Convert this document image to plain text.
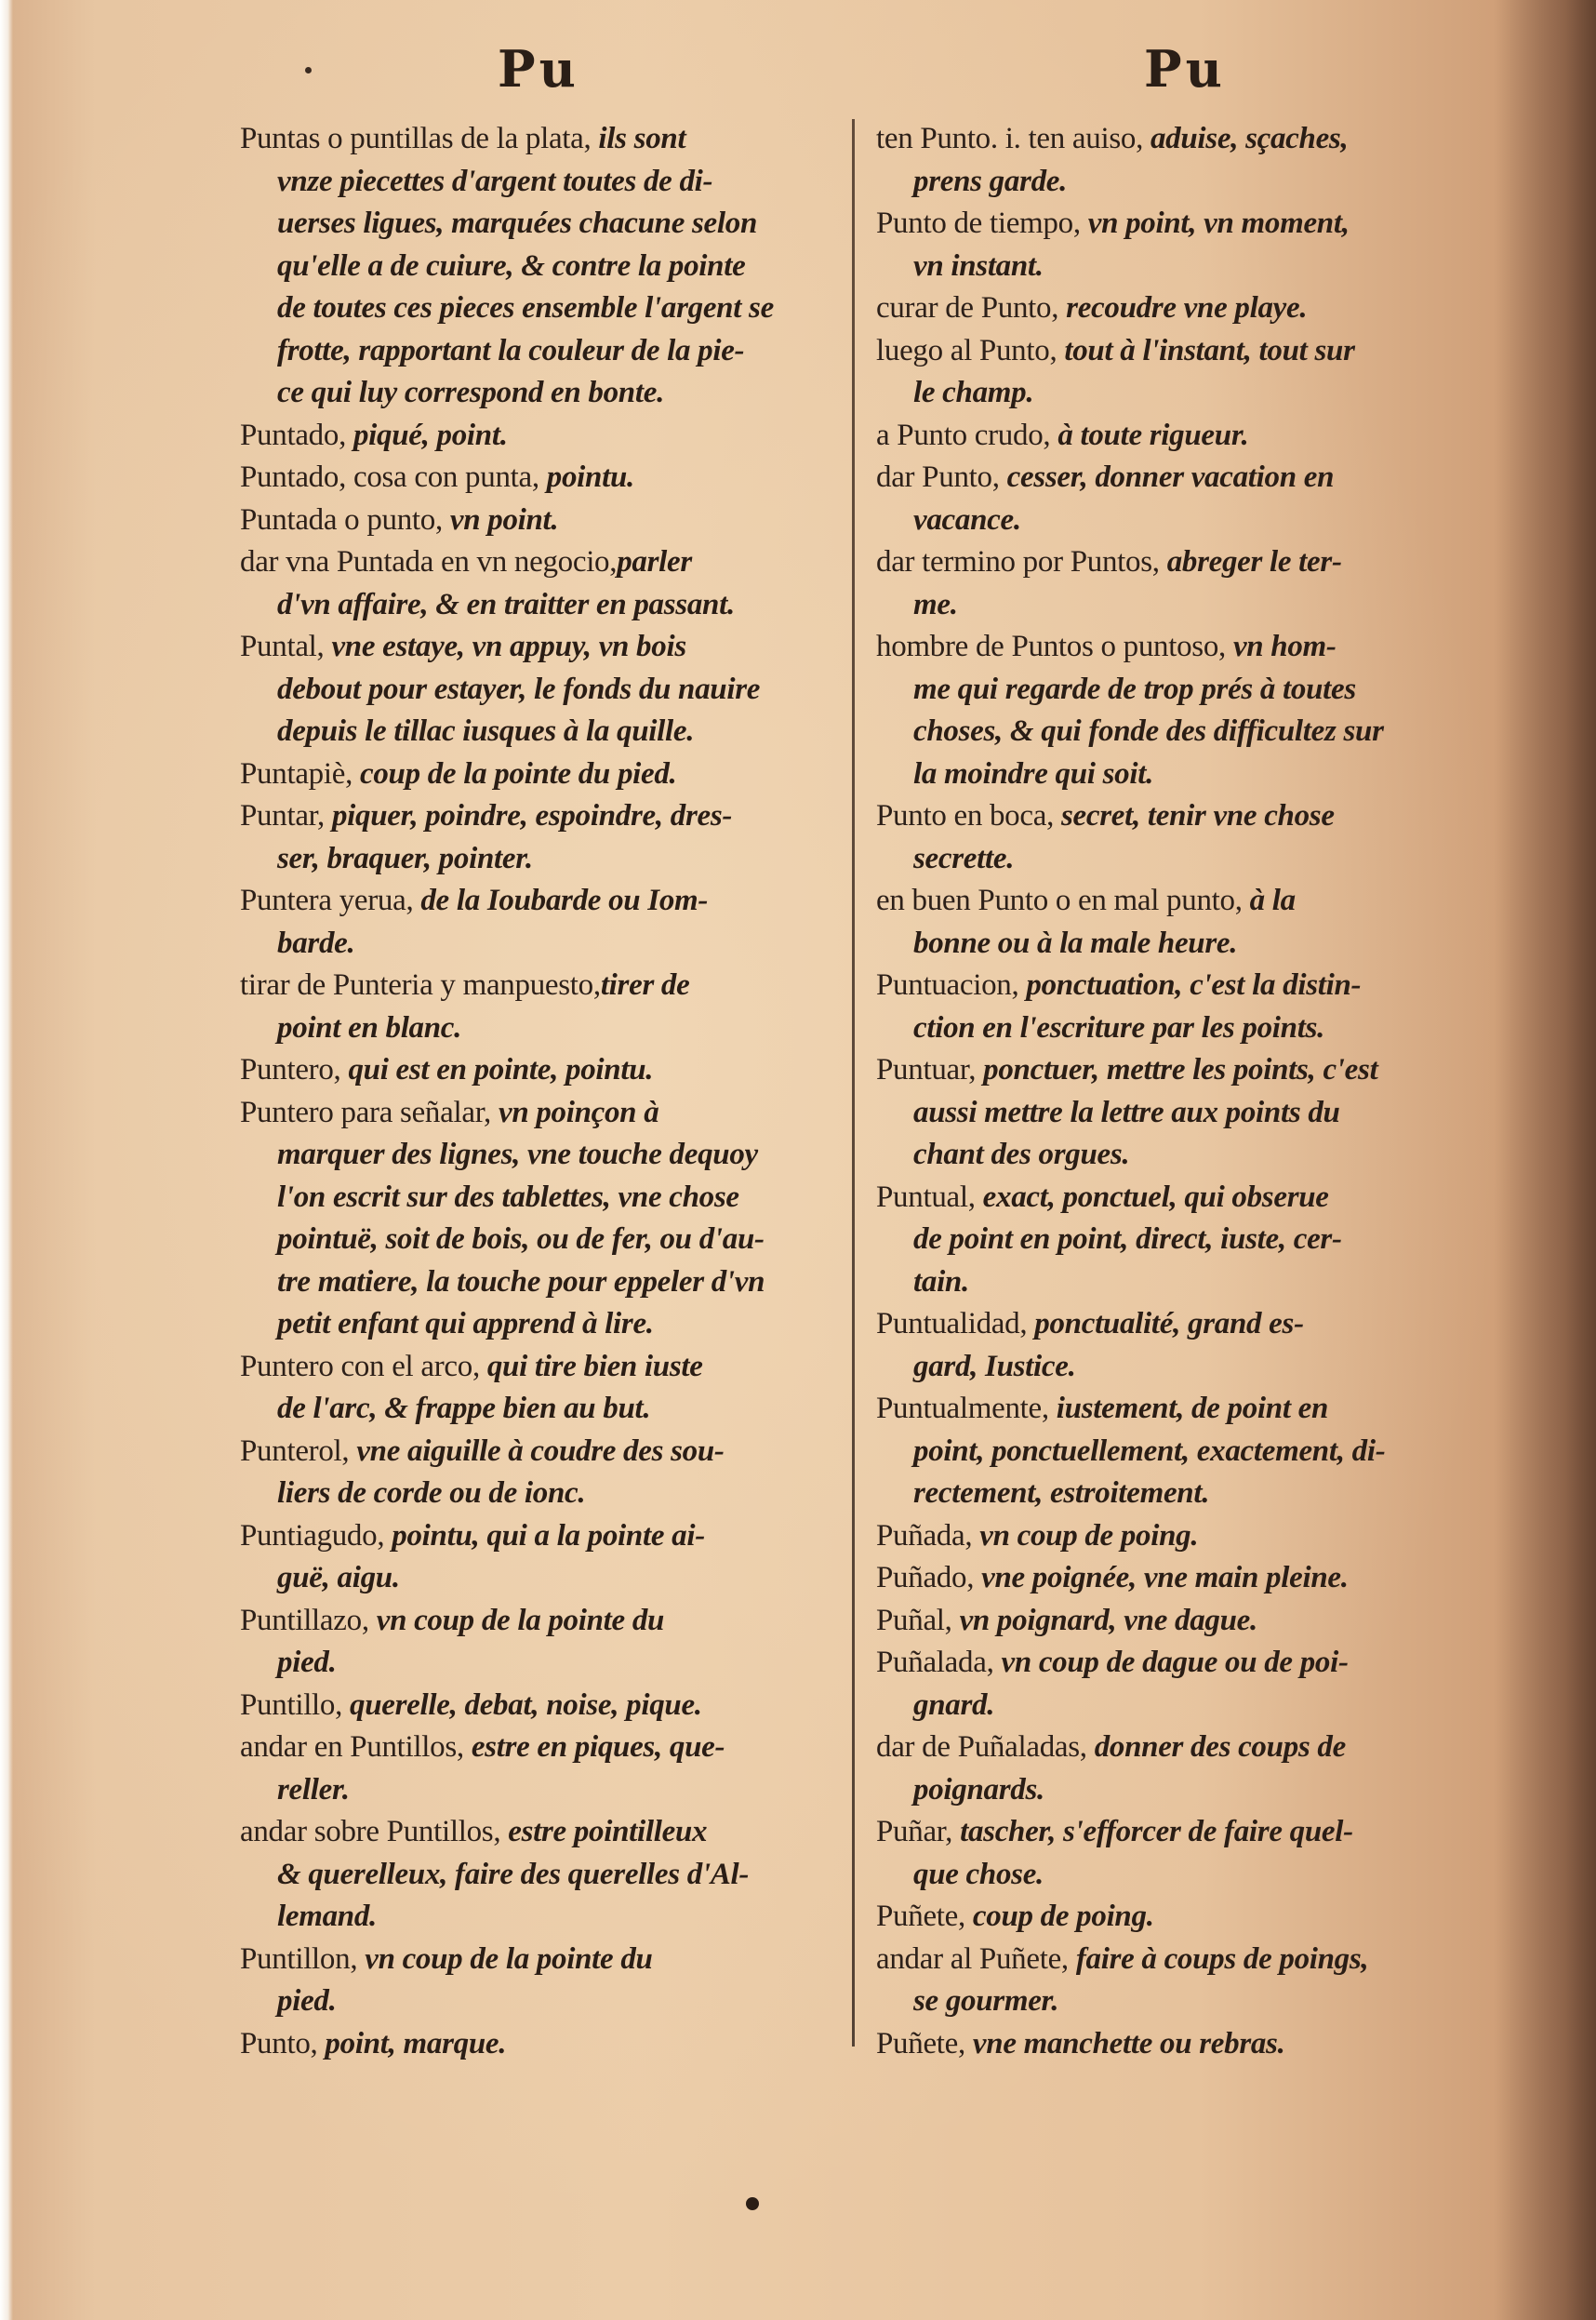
Pu	Pu
Puntas o puntillas de la plata, ils sont
vnze piecettes d'argent toutes de di-
uerses ligues, marquées chacune selon
qu'elle a de cuiure, & contre la pointe
de toutes ces pieces ensemble l'argent se
frotte, rapportant la couleur de la pie-
ce qui luy correspond en bonte.
Puntado, piqué, point.
Puntado, cosa con punta, pointu.
Puntada o punto, vn point.
dar vna Puntada en vn negocio,parler
d'vn affaire, & en traitter en passant.
Puntal, vne estaye, vn appuy, vn bois
debout pour estayer, le fonds du nauire
depuis le tillac iusques à la quille.
Puntapiè, coup de la pointe du pied.
Puntar, piquer, poindre, espoindre, dres-
ser, braquer, pointer.
Puntera yerua, de la Ioubarde ou Iom-
barde.
tirar de Punteria y manpuesto,tirer de
point en blanc.
Puntero, qui est en pointe, pointu.
Puntero para señalar, vn poinçon à
marquer des lignes, vne touche dequoy
l'on escrit sur des tablettes, vne chose
pointuë, soit de bois, ou de fer, ou d'au-
tre matiere, la touche pour eppeler d'vn
petit enfant qui apprend à lire.
Puntero con el arco, qui tire bien iuste
de l'arc, & frappe bien au but.
Punterol, vne aiguille à coudre des sou-
liers de corde ou de ionc.
Puntiagudo, pointu, qui a la pointe ai-
guë, aigu.
Puntillazo, vn coup de la pointe du
pied.
Puntillo, querelle, debat, noise, pique.
andar en Puntillos, estre en piques, que-
reller.
andar sobre Puntillos, estre pointilleux
& querelleux, faire des querelles d'Al-
lemand.
Puntillon, vn coup de la pointe du
pied.
Punto, point, marque.
ten Punto. i. ten auiso, aduise, sçaches,
prens garde.
Punto de tiempo, vn point, vn moment,
vn instant.
curar de Punto, recoudre vne playe.
luego al Punto, tout à l'instant, tout sur
le champ.
a Punto crudo, à toute rigueur.
dar Punto, cesser, donner vacation en
vacance.
dar termino por Puntos, abreger le ter-
me.
hombre de Puntos o puntoso, vn hom-
me qui regarde de trop prés à toutes
choses, & qui fonde des difficultez sur
la moindre qui soit.
Punto en boca, secret, tenir vne chose
secrette.
en buen Punto o en mal punto, à la
bonne ou à la male heure.
Puntuacion, ponctuation, c'est la distin-
ction en l'escriture par les points.
Puntuar, ponctuer, mettre les points, c'est
aussi mettre la lettre aux points du
chant des orgues.
Puntual, exact, ponctuel, qui obserue
de point en point, direct, iuste, cer-
tain.
Puntualidad, ponctualité, grand es-
gard, Iustice.
Puntualmente, iustement, de point en
point, ponctuellement, exactement, di-
rectement, estroitement.
Puñada, vn coup de poing.
Puñado, vne poignée, vne main pleine.
Puñal, vn poignard, vne dague.
Puñalada, vn coup de dague ou de poi-
gnard.
dar de Puñaladas, donner des coups de
poignards.
Puñar, tascher, s'efforcer de faire quel-
que chose.
Puñete, coup de poing.
andar al Puñete, faire à coups de poings,
se gourmer.
Puñete, vne manchette ou rebras.
